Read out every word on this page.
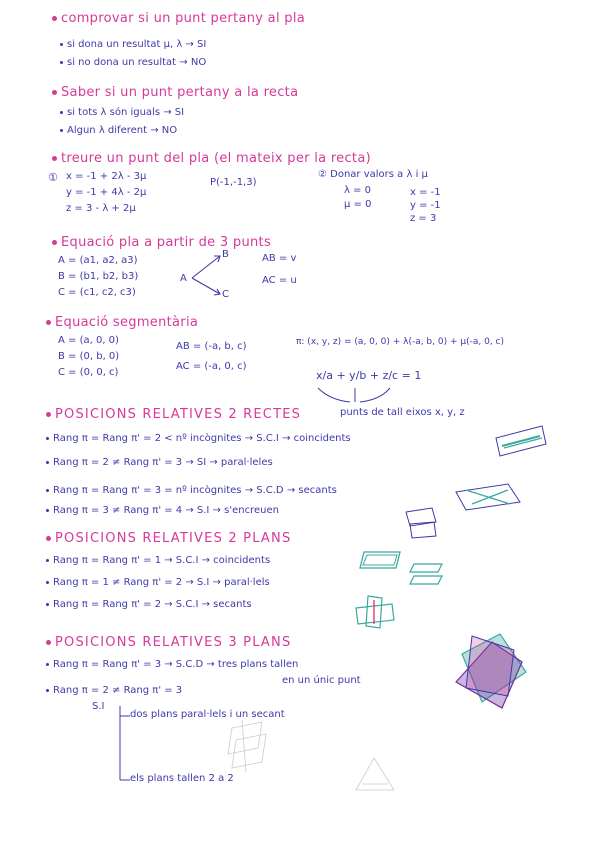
comprovar si un punt pertany al pla
si dona un resultat μ, λ → SI
si no dona un resultat → NO
Saber si un punt pertany a la recta
si tots λ són iguals → SI
Algun λ diferent → NO
treure un punt del pla (el mateix per la recta)
① x = -1 + 2λ - 3μ
y = -1 + 4λ - 2μ
z = 3 - λ + 2μ
P(-1,-1,3)
② Donar valors a λ i μ
λ = 0
μ = 0
x = -1
y = -1
z = 3
Equació pla a partir de 3 punts
A = (a1, a2, a3)
B = (b1, b2, b3)
C = (c1, c2, c3)
A
B
C
AB = v
AC = u
Equació segmentària
A = (a, 0, 0)
B = (0, b, 0)
C = (0, 0, c)
AB = (-a, b, c)
AC = (-a, 0, c)
π: (x, y, z) = (a, 0, 0) + λ(-a, b, 0) + μ(-a, 0, c)
x/a + y/b + z/c = 1
punts de tall eixos x, y, z
POSICIONS RELATIVES 2 RECTES
Rang π = Rang π' = 2 < nº incògnites → S.C.I → coincidents
Rang π = 2 ≠ Rang π' = 3 → SI → paral·leles
Rang π = Rang π' = 3 = nº incògnites → S.C.D → secants
Rang π = 3 ≠ Rang π' = 4 → S.I → s'encreuen
POSICIONS RELATIVES 2 PLANS
Rang π = Rang π' = 1 → S.C.I → coincidents
Rang π = 1 ≠ Rang π' = 2 → S.I → paral·lels
Rang π = Rang π' = 2 → S.C.I → secants
POSICIONS RELATIVES 3 PLANS
Rang π = Rang π' = 3 → S.C.D → tres plans tallen
en un únic punt
Rang π = 2 ≠ Rang π' = 3
S.I
dos plans paral·lels i un secant
els plans tallen 2 a 2
